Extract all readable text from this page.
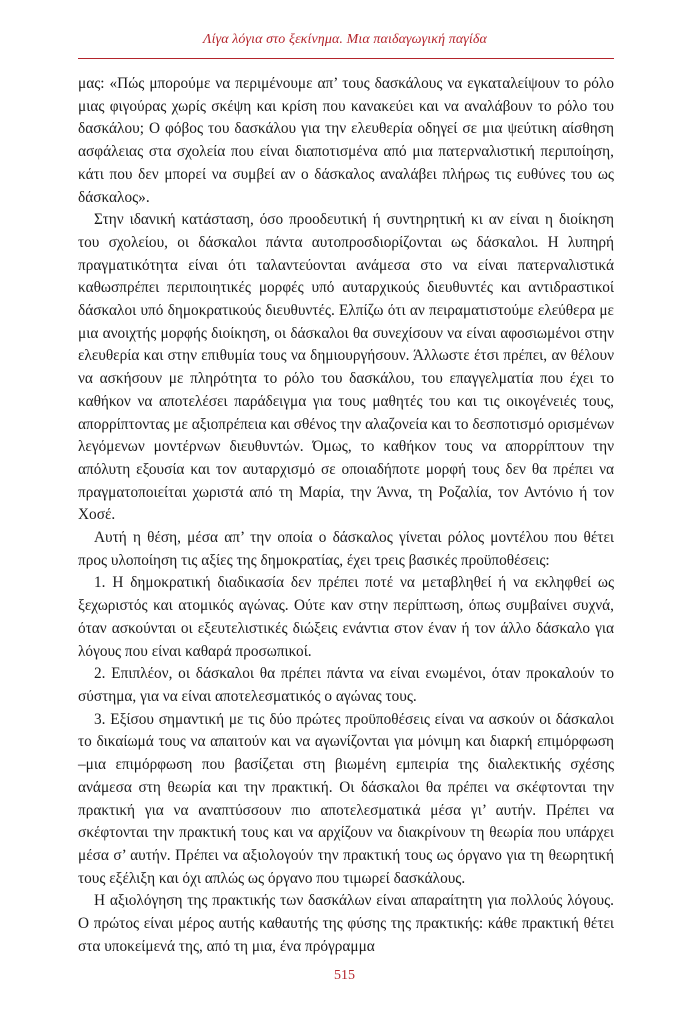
Λίγα λόγια στο ξεκίνημα. Μια παιδαγωγική παγίδα

μας: «Πώς μπορούμε να περιμένουμε απ’ τους δασκάλους να εγκαταλείψουν το ρόλο μιας φιγούρας χωρίς σκέψη και κρίση που κανακεύει και να αναλάβουν το ρόλο του δασκάλου; Ο φόβος του δασκάλου για την ελευθερία οδηγεί σε μια ψεύτικη αίσθηση ασφάλειας στα σχολεία που είναι διαποτισμένα από μια πατερναλιστική περιποίηση, κάτι που δεν μπορεί να συμβεί αν ο δάσκαλος αναλάβει πλήρως τις ευθύνες του ως δάσκαλος».

Στην ιδανική κατάσταση, όσο προοδευτική ή συντηρητική κι αν είναι η διοίκηση του σχολείου, οι δάσκαλοι πάντα αυτοπροσδιορίζονται ως δάσκαλοι. Η λυπηρή πραγματικότητα είναι ότι ταλαντεύονται ανάμεσα στο να είναι πατερναλιστικά καθωσπρέπει περιποιητικές μορφές υπό αυταρχικούς διευθυντές και αντιδραστικοί δάσκαλοι υπό δημοκρατικούς διευθυντές. Ελπίζω ότι αν πειραματιστούμε ελεύθερα με μια ανοιχτής μορφής διοίκηση, οι δάσκαλοι θα συνεχίσουν να είναι αφοσιωμένοι στην ελευθερία και στην επιθυμία τους να δημιουργήσουν. Άλλωστε έτσι πρέπει, αν θέλουν να ασκήσουν με πληρότητα το ρόλο του δασκάλου, του επαγγελματία που έχει το καθήκον να αποτελέσει παράδειγμα για τους μαθητές του και τις οικογένειές τους, απορρίπτοντας με αξιοπρέπεια και σθένος την αλαζονεία και το δεσποτισμό ορισμένων λεγόμενων μοντέρνων διευθυντών. Όμως, το καθήκον τους να απορρίπτουν την απόλυτη εξουσία και τον αυταρχισμό σε οποιαδήποτε μορφή τους δεν θα πρέπει να πραγματοποιείται χωριστά από τη Μαρία, την Άννα, τη Ροζαλία, τον Αντόνιο ή τον Χοσέ.

Αυτή η θέση, μέσα απ’ την οποία ο δάσκαλος γίνεται ρόλος μοντέλου που θέτει προς υλοποίηση τις αξίες της δημοκρατίας, έχει τρεις βασικές προϋποθέσεις:

1. Η δημοκρατική διαδικασία δεν πρέπει ποτέ να μεταβληθεί ή να εκληφθεί ως ξεχωριστός και ατομικός αγώνας. Ούτε καν στην περίπτωση, όπως συμβαίνει συχνά, όταν ασκούνται οι εξευτελιστικές διώξεις ενάντια στον έναν ή τον άλλο δάσκαλο για λόγους που είναι καθαρά προσωπικοί.

2. Επιπλέον, οι δάσκαλοι θα πρέπει πάντα να είναι ενωμένοι, όταν προκαλούν το σύστημα, για να είναι αποτελεσματικός ο αγώνας τους.

3. Εξίσου σημαντική με τις δύο πρώτες προϋποθέσεις είναι να ασκούν οι δάσκαλοι το δικαίωμά τους να απαιτούν και να αγωνίζονται για μόνιμη και διαρκή επιμόρφωση –μια επιμόρφωση που βασίζεται στη βιωμένη εμπειρία της διαλεκτικής σχέσης ανάμεσα στη θεωρία και την πρακτική. Οι δάσκαλοι θα πρέπει να σκέφτονται την πρακτική για να αναπτύσσουν πιο αποτελεσματικά μέσα γι’ αυτήν. Πρέπει να σκέφτονται την πρακτική τους και να αρχίζουν να διακρίνουν τη θεωρία που υπάρχει μέσα σ’ αυτήν. Πρέπει να αξιολογούν την πρακτική τους ως όργανο για τη θεωρητική τους εξέλιξη και όχι απλώς ως όργανο που τιμωρεί δασκάλους.

Η αξιολόγηση της πρακτικής των δασκάλων είναι απαραίτητη για πολλούς λόγους. Ο πρώτος είναι μέρος αυτής καθαυτής της φύσης της πρακτικής: κάθε πρακτική θέτει στα υποκείμενά της, από τη μια, ένα πρόγραμμα

515
